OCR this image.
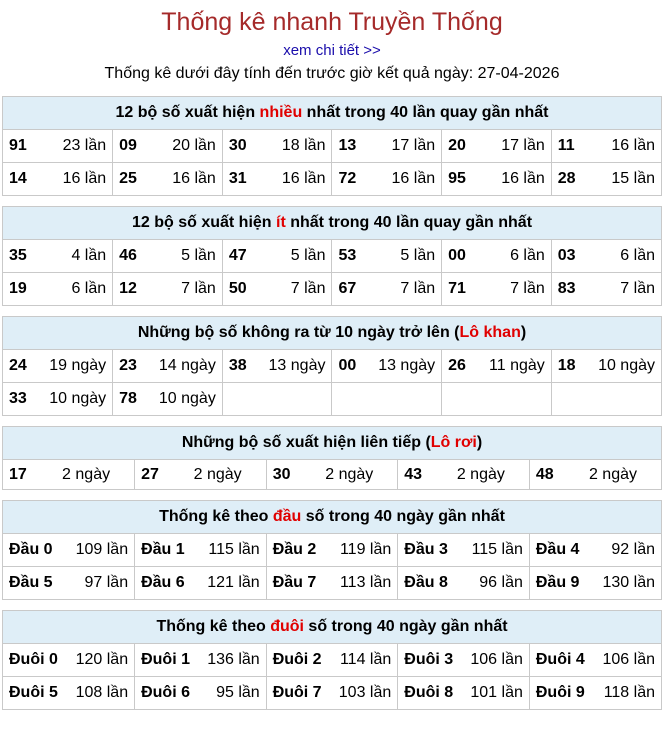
Thống kê nhanh Truyền Thống
xem chi tiết >>
Thống kê dưới đây tính đến trước giờ kết quả ngày: 27-04-2026
12 bộ số xuất hiện nhiều nhất trong 40 lần quay gần nhất
91 23 lần	09 20 lần	30 18 lần	13 17 lần	20 17 lần	11 16 lần

14 16 lần	25 16 lần	31 16 lần	72 16 lần	95 16 lần	28 15 lần
12 bộ số xuất hiện ít nhất trong 40 lần quay gần nhất
35 4 lần	46 5 lần	47 5 lần	53 5 lần	00 6 lần	03 6 lần

19 6 lần	12 7 lần	50 7 lần	67 7 lần	71 7 lần	83 7 lần
Những bộ số không ra từ 10 ngày trở lên (Lô khan)
24 19 ngày	23 14 ngày	38 13 ngày	00 13 ngày	26 11 ngày	18 10 ngày

33 10 ngày	78 10 ngày				

Những bộ số xuất hiện liên tiếp (Lô rơi)
17 2 ngày	27 2 ngày	30 2 ngày	43 2 ngày	48 2 ngày
Thống kê theo đầu số trong 40 ngày gần nhất
Đầu 0 109 lần	Đầu 1 115 lần	Đầu 2 119 lần	Đầu 3 115 lần	Đầu 4 92 lần

Đầu 5 97 lần	Đầu 6 121 lần	Đầu 7 113 lần	Đầu 8 96 lần	Đầu 9 130 lần
Thống kê theo đuôi số trong 40 ngày gần nhất
Đuôi 0 120 lần	Đuôi 1 136 lần	Đuôi 2 114 lần	Đuôi 3 106 lần	Đuôi 4 106 lần

Đuôi 5 108 lần	Đuôi 6 95 lần	Đuôi 7 103 lần	Đuôi 8 101 lần	Đuôi 9 118 lần
